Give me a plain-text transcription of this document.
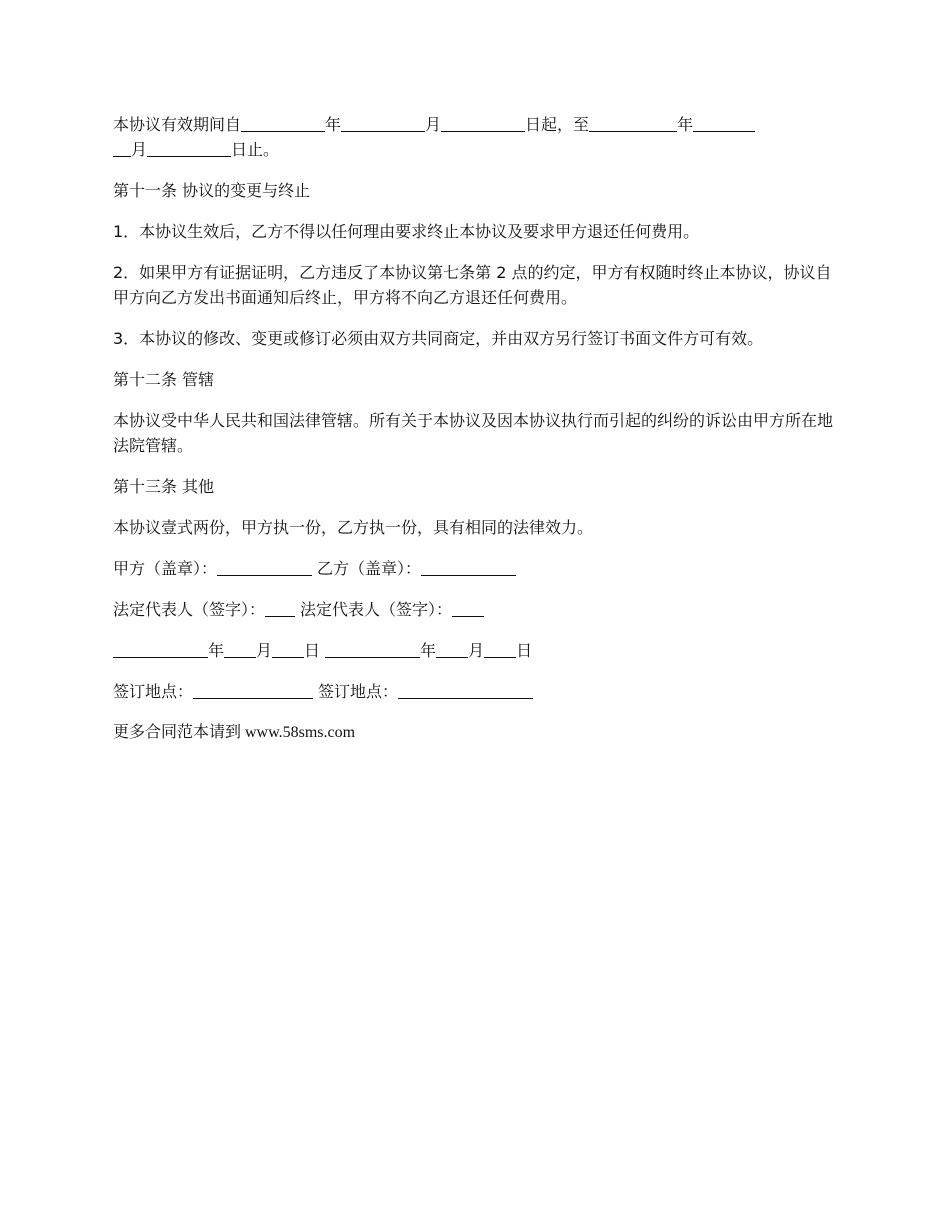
本协议有效期间自	年	月	日起，至	年
月	日止。

第十一条 协议的变更与终止

1．本协议生效后，乙方不得以任何理由要求终止本协议及要求甲方退还任何费用。

2．如果甲方有证据证明，乙方违反了本协议第七条第 2 点的约定，甲方有权随时终止本协议，协议自甲方向乙方发出书面通知后终止，甲方将不向乙方退还任何费用。

3．本协议的修改、变更或修订必须由双方共同商定，并由双方另行签订书面文件方可有效。

第十二条 管辖

本协议受中华人民共和国法律管辖。所有关于本协议及因本协议执行而引起的纠纷的诉讼由甲方所在地法院管辖。

第十三条 其他

本协议壹式两份，甲方执一份，乙方执一份，具有相同的法律效力。

甲方（盖章）：	乙方（盖章）：

法定代表人（签字）： 法定代表人（签字）：

年 月 日	年 月 日

签订地点：	签订地点：

更多合同范本请到 www.58sms.com
